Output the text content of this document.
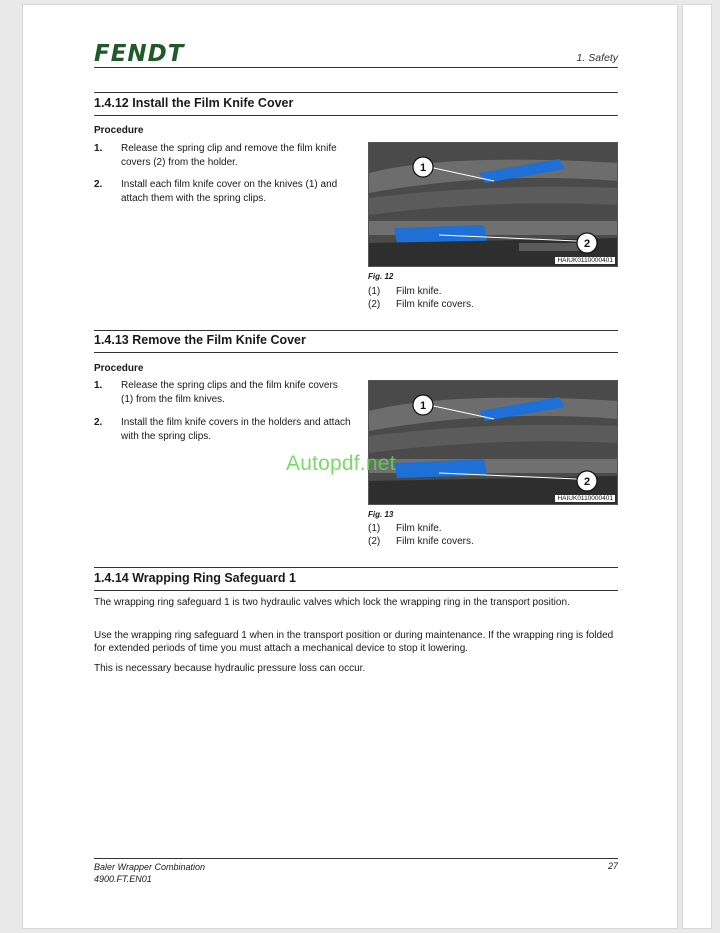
FENDT	1. Safety
1.4.12 Install the Film Knife Cover
Procedure
1. Release the spring clip and remove the film knife covers (2) from the holder.
2. Install each film knife cover on the knives (1) and attach them with the spring clips.
1
2
HAIUK0110000401
Fig. 12
(1) Film knife.
(2) Film knife covers.
1.4.13 Remove the Film Knife Cover
Procedure
1. Release the spring clips and the film knife covers (1) from the film knives.
2. Install the film knife covers in the holders and attach with the spring clips.
1
2
HAIUK0110000401
Fig. 13
(1) Film knife.
(2) Film knife covers.
Autopdf.net
1.4.14 Wrapping Ring Safeguard 1
The wrapping ring safeguard 1 is two hydraulic valves which lock the wrapping ring in the transport position.
Use the wrapping ring safeguard 1 when in the transport position or during maintenance. If the wrapping ring is folded for extended periods of time you must attach a mechanical device to stop it lowering.
This is necessary because hydraulic pressure loss can occur.
Baler Wrapper Combination
4900.FT.EN01
27
